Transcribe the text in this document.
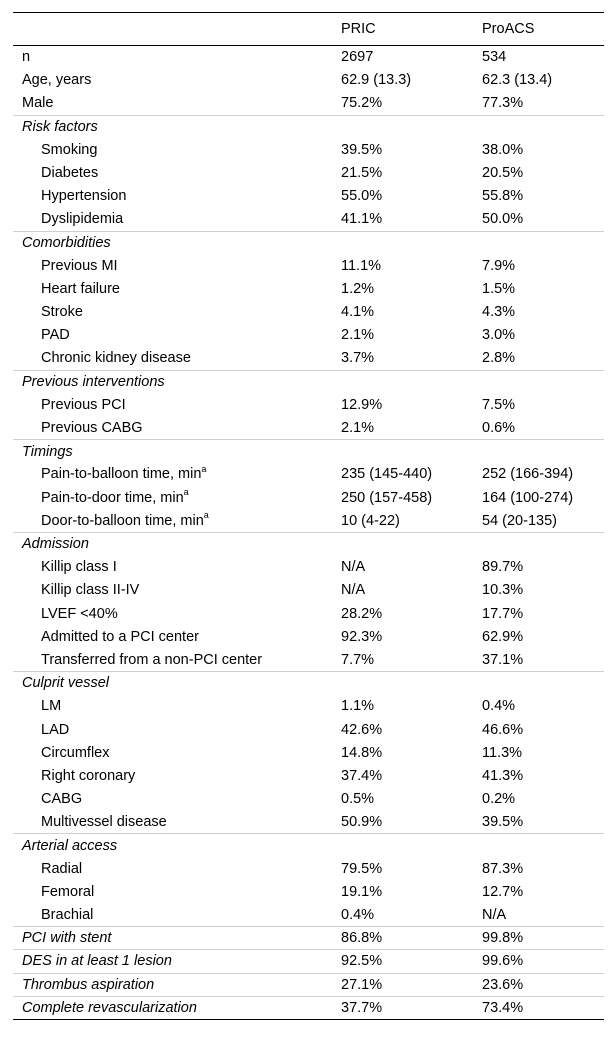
	PRIC	ProACS
n	2697	534
Age, years	62.9 (13.3)	62.3 (13.4)
Male	75.2%	77.3%
Risk factors		
Smoking	39.5%	38.0%
Diabetes	21.5%	20.5%
Hypertension	55.0%	55.8%
Dyslipidemia	41.1%	50.0%
Comorbidities		
Previous MI	11.1%	7.9%
Heart failure	1.2%	1.5%
Stroke	4.1%	4.3%
PAD	2.1%	3.0%
Chronic kidney disease	3.7%	2.8%
Previous interventions		
Previous PCI	12.9%	7.5%
Previous CABG	2.1%	0.6%
Timings		
Pain-to-balloon time, $\min^a$	235 (145-440)	252 (166-394)
Pain-to-door time, $\min^a$	250 (157-458)	164 (100-274)
Door-to-balloon time, $\min^a$	10 (4-22)	54 (20-135)
Admission		
Killip class I	N/A	89.7%
Killip class II-IV	N/A	10.3%
LVEF <40%	28.2%	17.7%
Admitted to a PCI center	92.3%	62.9%
Transferred from a non-PCI center	7.7%	37.1%
Culprit vessel		
LM	1.1%	0.4%
LAD	42.6%	46.6%
Circumflex	14.8%	11.3%
Right coronary	37.4%	41.3%
CABG	0.5%	0.2%
Multivessel disease	50.9%	39.5%
Arterial access		
Radial	79.5%	87.3%
Femoral	19.1%	12.7%
Brachial	0.4%	N/A
PCI with stent	86.8%	99.8%
DES in at least 1 lesion	92.5%	99.6%
Thrombus aspiration	27.1%	23.6%
Complete revascularization	37.7%	73.4%
